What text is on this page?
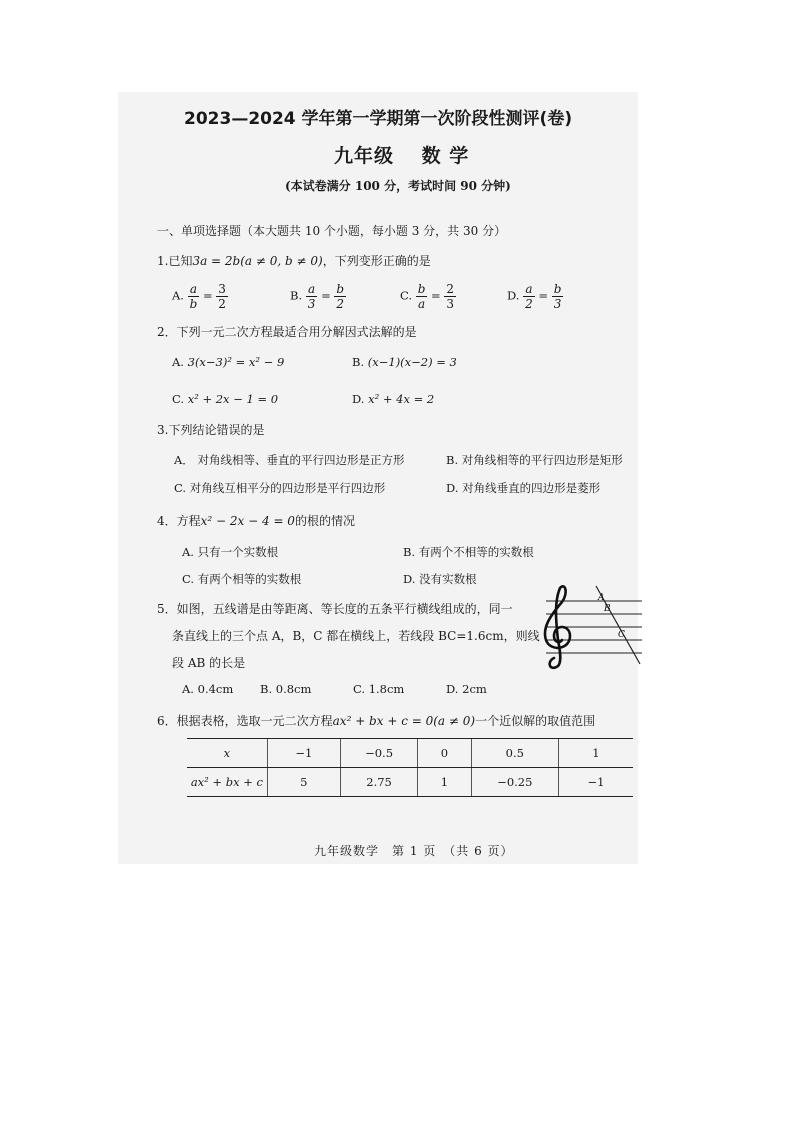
2023—2024 学年第一学期第一次阶段性测评(卷)
九年级　 数 学
(本试卷满分 100 分，考试时间 90 分钟)
一、单项选择题（本大题共 10 个小题，每小题 3 分，共 30 分）
1.已知3a = 2b(a ≠ 0, b ≠ 0)，下列变形正确的是
A. $\frac{a}{b} = \frac{3}{2}$	B. $\frac{a}{3} = \frac{b}{2}$	C. $\frac{b}{a} = \frac{2}{3}$	D. $\frac{a}{2} = \frac{b}{3}$
2．下列一元二次方程最适合用分解因式法解的是
A. 3(x−3)² = x² − 9	B. (x−1)(x−2) = 3
C. x² + 2x − 1 = 0	D. x² + 4x = 2
3.下列结论错误的是
A． 对角线相等、垂直的平行四边形是正方形	B. 对角线相等的平行四边形是矩形
C. 对角线互相平分的四边形是平行四边形	D. 对角线垂直的四边形是菱形
4．方程x² − 2x − 4 = 0的根的情况
A. 只有一个实数根	B. 有两个不相等的实数根
C. 有两个相等的实数根	D. 没有实数根
5．如图，五线谱是由等距离、等长度的五条平行横线组成的，同一
条直线上的三个点 A，B，C 都在横线上，若线段 BC=1.6cm，则线
段 AB 的长是
A
B
C
A. 0.4cm B. 0.8cm	C. 1.8cm	D. 2cm
6．根据表格，选取一元二次方程ax² + bx + c = 0(a ≠ 0)一个近似解的取值范围
x	−1	−0.5	0	0.5	1
ax² + bx + c	5	2.75	1	−0.25	−1
九年级数学　第 1 页　（共 6 页）
